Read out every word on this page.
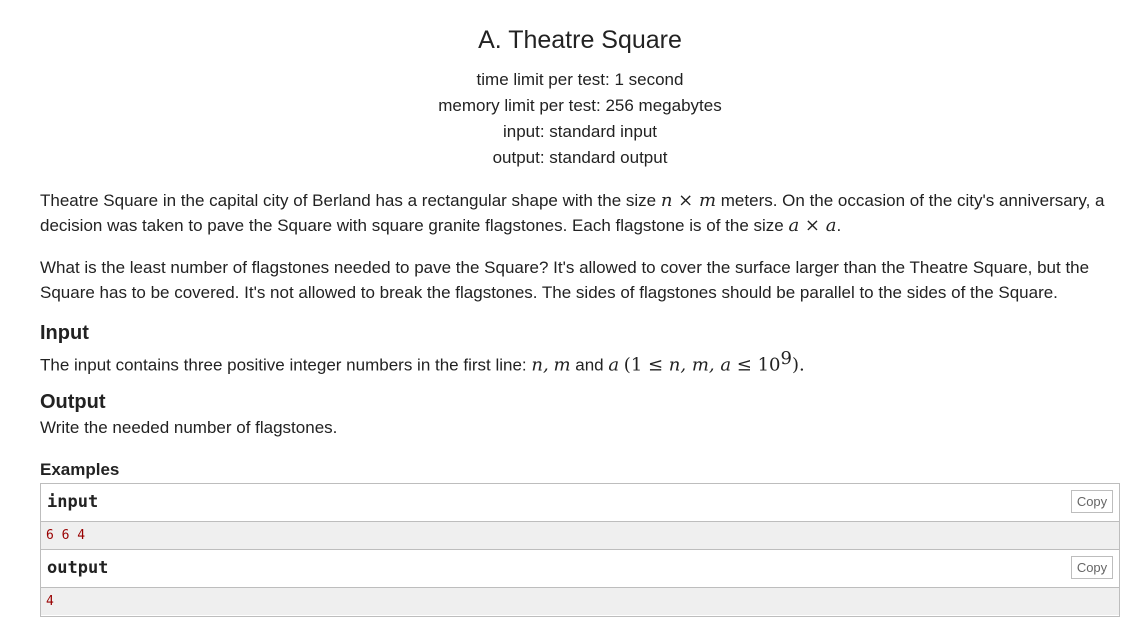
A. Theatre Square
time limit per test: 1 second
memory limit per test: 256 megabytes
input: standard input
output: standard output
Theatre Square in the capital city of Berland has a rectangular shape with the size n × m meters. On the occasion of the city's anniversary, a decision was taken to pave the Square with square granite flagstones. Each flagstone is of the size a × a.
What is the least number of flagstones needed to pave the Square? It's allowed to cover the surface larger than the Theatre Square, but the Square has to be covered. It's not allowed to break the flagstones. The sides of flagstones should be parallel to the sides of the Square.
Input
The input contains three positive integer numbers in the first line: n, m and a (1 ≤ n, m, $a \le 10^9$).
Output
Write the needed number of flagstones.
Examples
input	Copy
6 6 4
output	Copy
4
